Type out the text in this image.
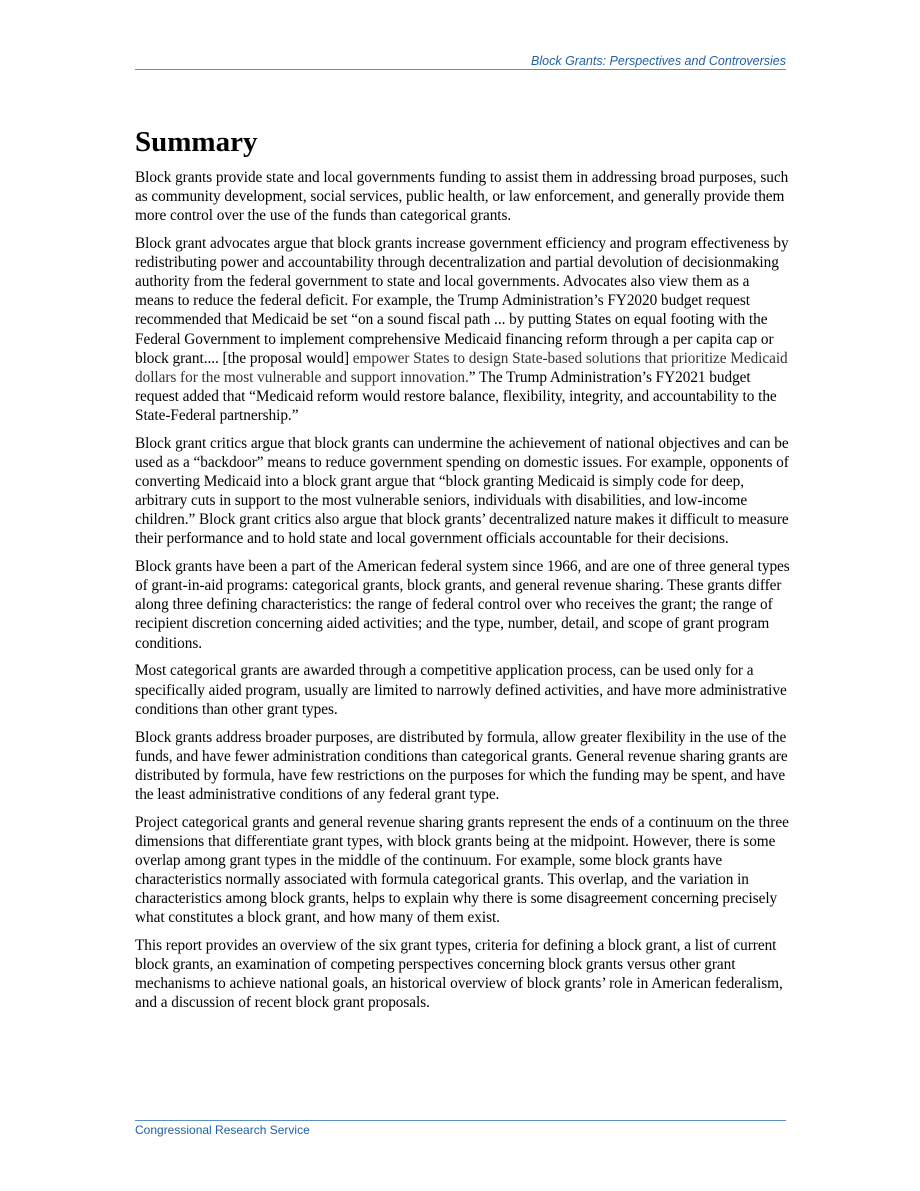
Block Grants: Perspectives and Controversies
Summary

Block grants provide state and local governments funding to assist them in addressing broad purposes, such as community development, social services, public health, or law enforcement, and generally provide them more control over the use of the funds than categorical grants.

Block grant advocates argue that block grants increase government efficiency and program effectiveness by redistributing power and accountability through decentralization and partial devolution of decisionmaking authority from the federal government to state and local governments. Advocates also view them as a means to reduce the federal deficit. For example, the Trump Administration’s FY2020 budget request recommended that Medicaid be set “on a sound fiscal path ... by putting States on equal footing with the Federal Government to implement comprehensive Medicaid financing reform through a per capita cap or block grant.... [the proposal would] empower States to design State-based solutions that prioritize Medicaid dollars for the most vulnerable and support innovation.” The Trump Administration’s FY2021 budget request added that “Medicaid reform would restore balance, flexibility, integrity, and accountability to the State-Federal partnership.”

Block grant critics argue that block grants can undermine the achievement of national objectives and can be used as a “backdoor” means to reduce government spending on domestic issues. For example, opponents of converting Medicaid into a block grant argue that “block granting Medicaid is simply code for deep, arbitrary cuts in support to the most vulnerable seniors, individuals with disabilities, and low-income children.” Block grant critics also argue that block grants’ decentralized nature makes it difficult to measure their performance and to hold state and local government officials accountable for their decisions.

Block grants have been a part of the American federal system since 1966, and are one of three general types of grant-in-aid programs: categorical grants, block grants, and general revenue sharing. These grants differ along three defining characteristics: the range of federal control over who receives the grant; the range of recipient discretion concerning aided activities; and the type, number, detail, and scope of grant program conditions.

Most categorical grants are awarded through a competitive application process, can be used only for a specifically aided program, usually are limited to narrowly defined activities, and have more administrative conditions than other grant types.

Block grants address broader purposes, are distributed by formula, allow greater flexibility in the use of the funds, and have fewer administration conditions than categorical grants. General revenue sharing grants are distributed by formula, have few restrictions on the purposes for which the funding may be spent, and have the least administrative conditions of any federal grant type.

Project categorical grants and general revenue sharing grants represent the ends of a continuum on the three dimensions that differentiate grant types, with block grants being at the midpoint. However, there is some overlap among grant types in the middle of the continuum. For example, some block grants have characteristics normally associated with formula categorical grants. This overlap, and the variation in characteristics among block grants, helps to explain why there is some disagreement concerning precisely what constitutes a block grant, and how many of them exist.

This report provides an overview of the six grant types, criteria for defining a block grant, a list of current block grants, an examination of competing perspectives concerning block grants versus other grant mechanisms to achieve national goals, an historical overview of block grants’ role in American federalism, and a discussion of recent block grant proposals.

Congressional Research Service
